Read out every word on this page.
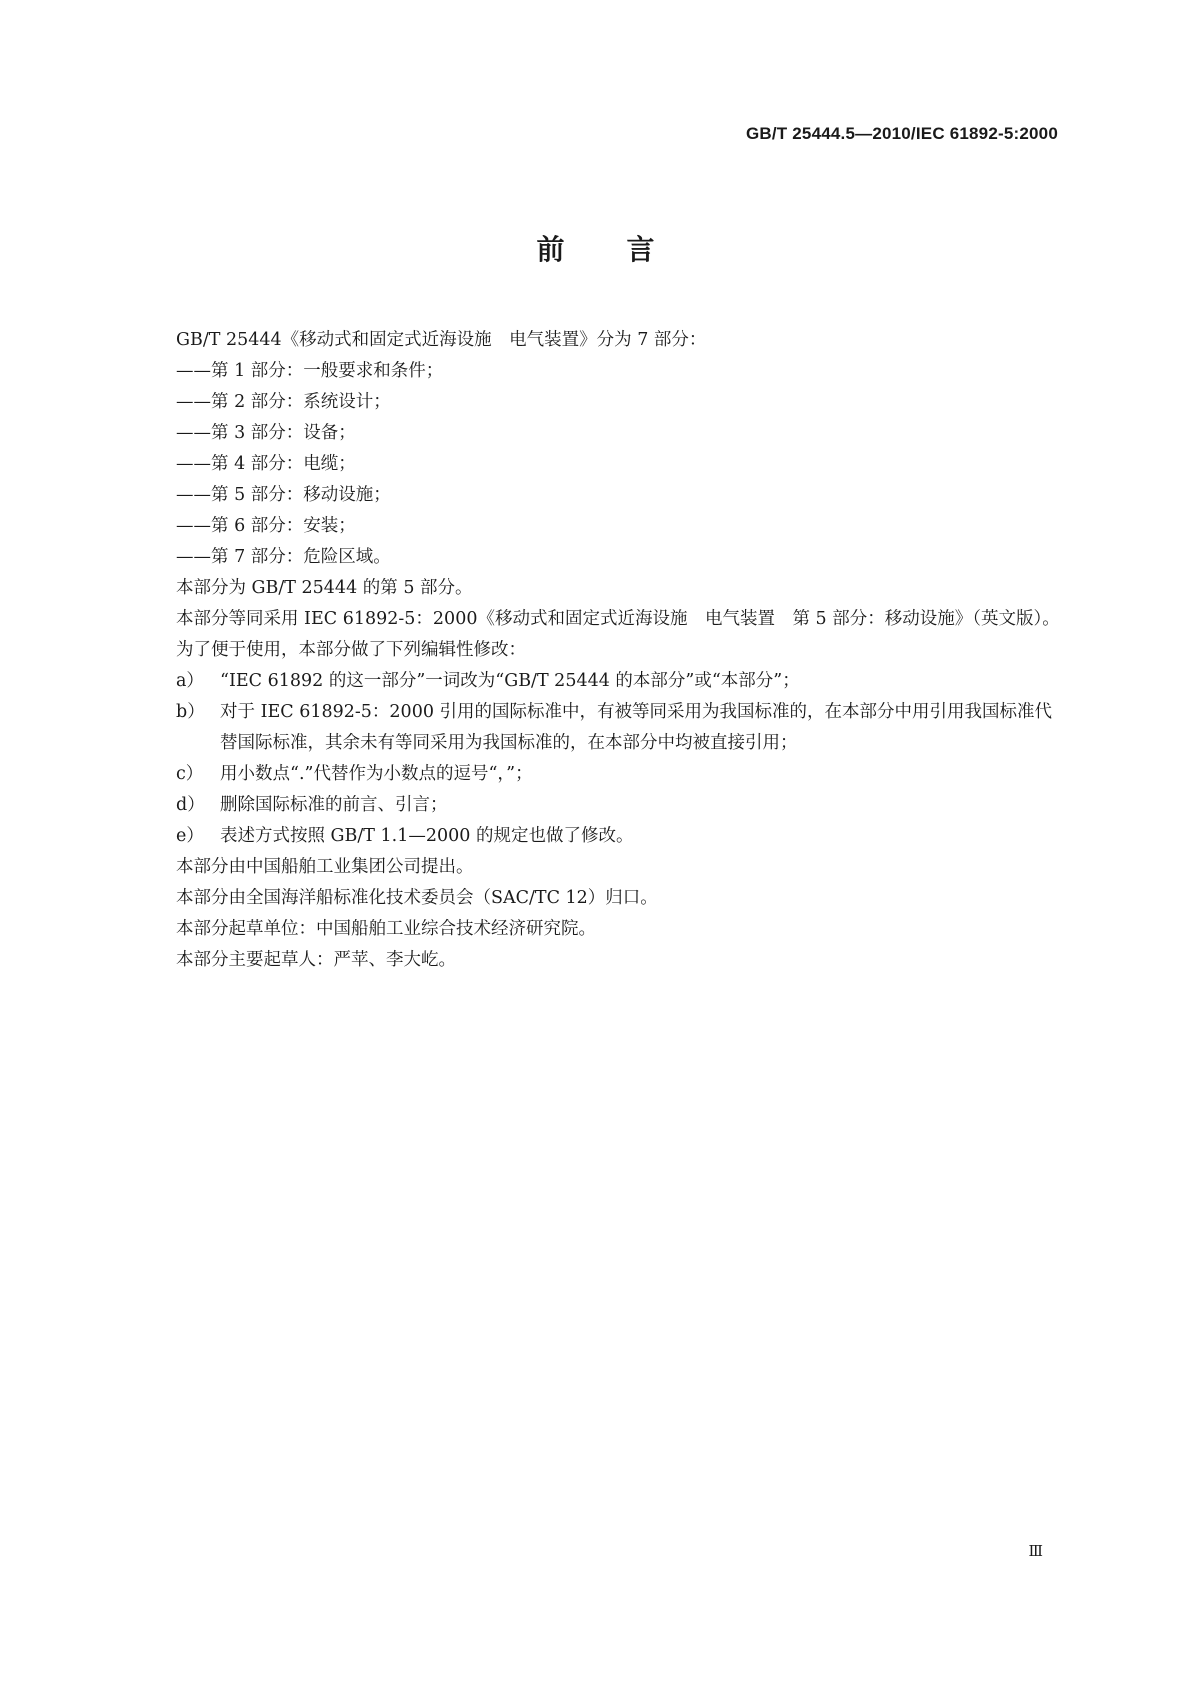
GB/T 25444.5—2010/IEC 61892-5:2000
前言

GB/T 25444《移动式和固定式近海设施　电气装置》分为 7 部分：

——第 1 部分：一般要求和条件；

——第 2 部分：系统设计；

——第 3 部分：设备；

——第 4 部分：电缆；

——第 5 部分：移动设施；

——第 6 部分：安装；

——第 7 部分：危险区域。

本部分为 GB/T 25444 的第 5 部分。

本部分等同采用 IEC 61892-5：2000《移动式和固定式近海设施　电气装置　第 5 部分：移动设施》（英文版）。

为了便于使用，本部分做了下列编辑性修改：

a） “IEC 61892 的这一部分”一词改为“GB/T 25444 的本部分”或“本部分”；

b） 对于 IEC 61892-5：2000 引用的国际标准中，有被等同采用为我国标准的，在本部分中用引用我国标准代替国际标准，其余未有等同采用为我国标准的，在本部分中均被直接引用；

c） 用小数点“.”代替作为小数点的逗号“，”；

d） 删除国际标准的前言、引言；

e） 表述方式按照 GB/T 1.1—2000 的规定也做了修改。

本部分由中国船舶工业集团公司提出。

本部分由全国海洋船标准化技术委员会（SAC/TC 12）归口。

本部分起草单位：中国船舶工业综合技术经济研究院。

本部分主要起草人：严苹、李大屹。

Ⅲ
